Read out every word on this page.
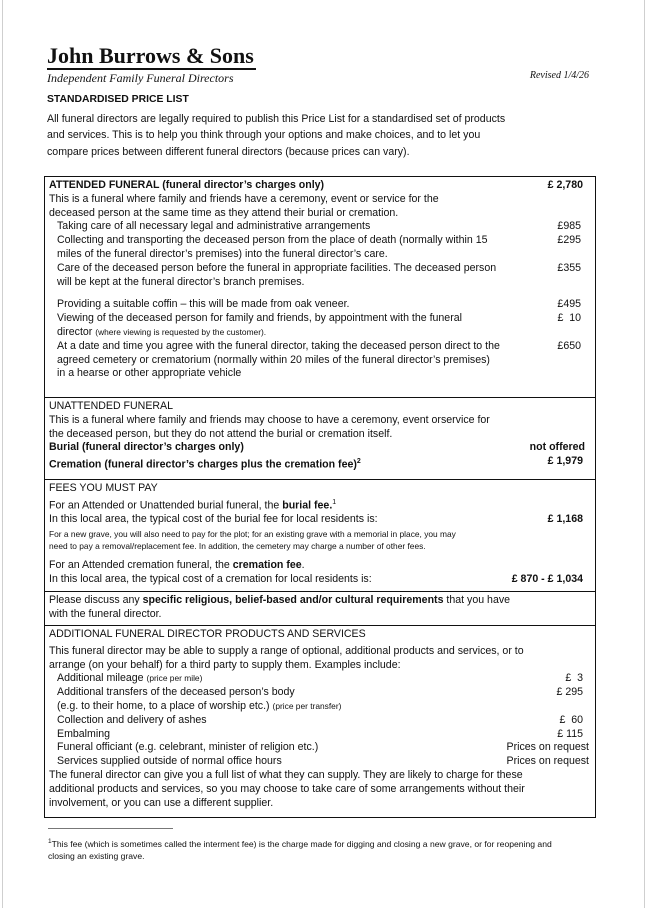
John Burrows & Sons
Independent Family Funeral Directors	Revised 1/4/26
STANDARDISED PRICE LIST

All funeral directors are legally required to publish this Price List for a standardised set of products
and services. This is to help you think through your options and make choices, and to let you
compare prices between different funeral directors (because prices can vary).

ATTENDED FUNERAL (funeral director’s charges only)	£ 2,780
This is a funeral where family and friends have a ceremony, event or service for the
deceased person at the same time as they attend their burial or cremation.
Taking care of all necessary legal and administrative arrangements	£985
Collecting and transporting the deceased person from the place of death (normally within 15	£295
miles of the funeral director’s premises) into the funeral director’s care.
Care of the deceased person before the funeral in appropriate facilities. The deceased person	£355
will be kept at the funeral director’s branch premises.
Providing a suitable coffin – this will be made from oak veneer.	£495
Viewing of the deceased person for family and friends, by appointment with the funeral	£  10
director (where viewing is requested by the customer).
At a date and time you agree with the funeral director, taking the deceased person direct to the	£650
agreed cemetery or crematorium (normally within 20 miles of the funeral director’s premises)
in a hearse or other appropriate vehicle
UNATTENDED FUNERAL
This is a funeral where family and friends may choose to have a ceremony, event orservice for
the deceased person, but they do not attend the burial or cremation itself.
Burial (funeral director’s charges only)	not offered
Cremation (funeral director’s charges plus the cremation fee)$^2$	£ 1,979
FEES YOU MUST PAY
For an Attended or Unattended burial funeral, the burial fee.$^1$
In this local area, the typical cost of the burial fee for local residents is:	£ 1,168
For a new grave, you will also need to pay for the plot; for an existing grave with a memorial in place, you may
need to pay a removal/replacement fee. In addition, the cemetery may charge a number of other fees.
For an Attended cremation funeral, the cremation fee.
In this local area, the typical cost of a cremation for local residents is:	£ 870 - £ 1,034
Please discuss any specific religious, belief-based and/or cultural requirements that you have
with the funeral director.
ADDITIONAL FUNERAL DIRECTOR PRODUCTS AND SERVICES
This funeral director may be able to supply a range of optional, additional products and services, or to
arrange (on your behalf) for a third party to supply them. Examples include:
Additional mileage (price per mile)	£  3
Additional transfers of the deceased person’s body	£ 295
(e.g. to their home, to a place of worship etc.) (price per transfer)
Collection and delivery of ashes	£  60
Embalming	£ 115
Funeral officiant (e.g. celebrant, minister of religion etc.)	Prices on request
Services supplied outside of normal office hours	Prices on request
The funeral director can give you a full list of what they can supply. They are likely to charge for these
additional products and services, so you may choose to take care of some arrangements without their
involvement, or you can use a different supplier.
$^1$This fee (which is sometimes called the interment fee) is the charge made for digging and closing a new grave, or for reopening and
closing an existing grave.
